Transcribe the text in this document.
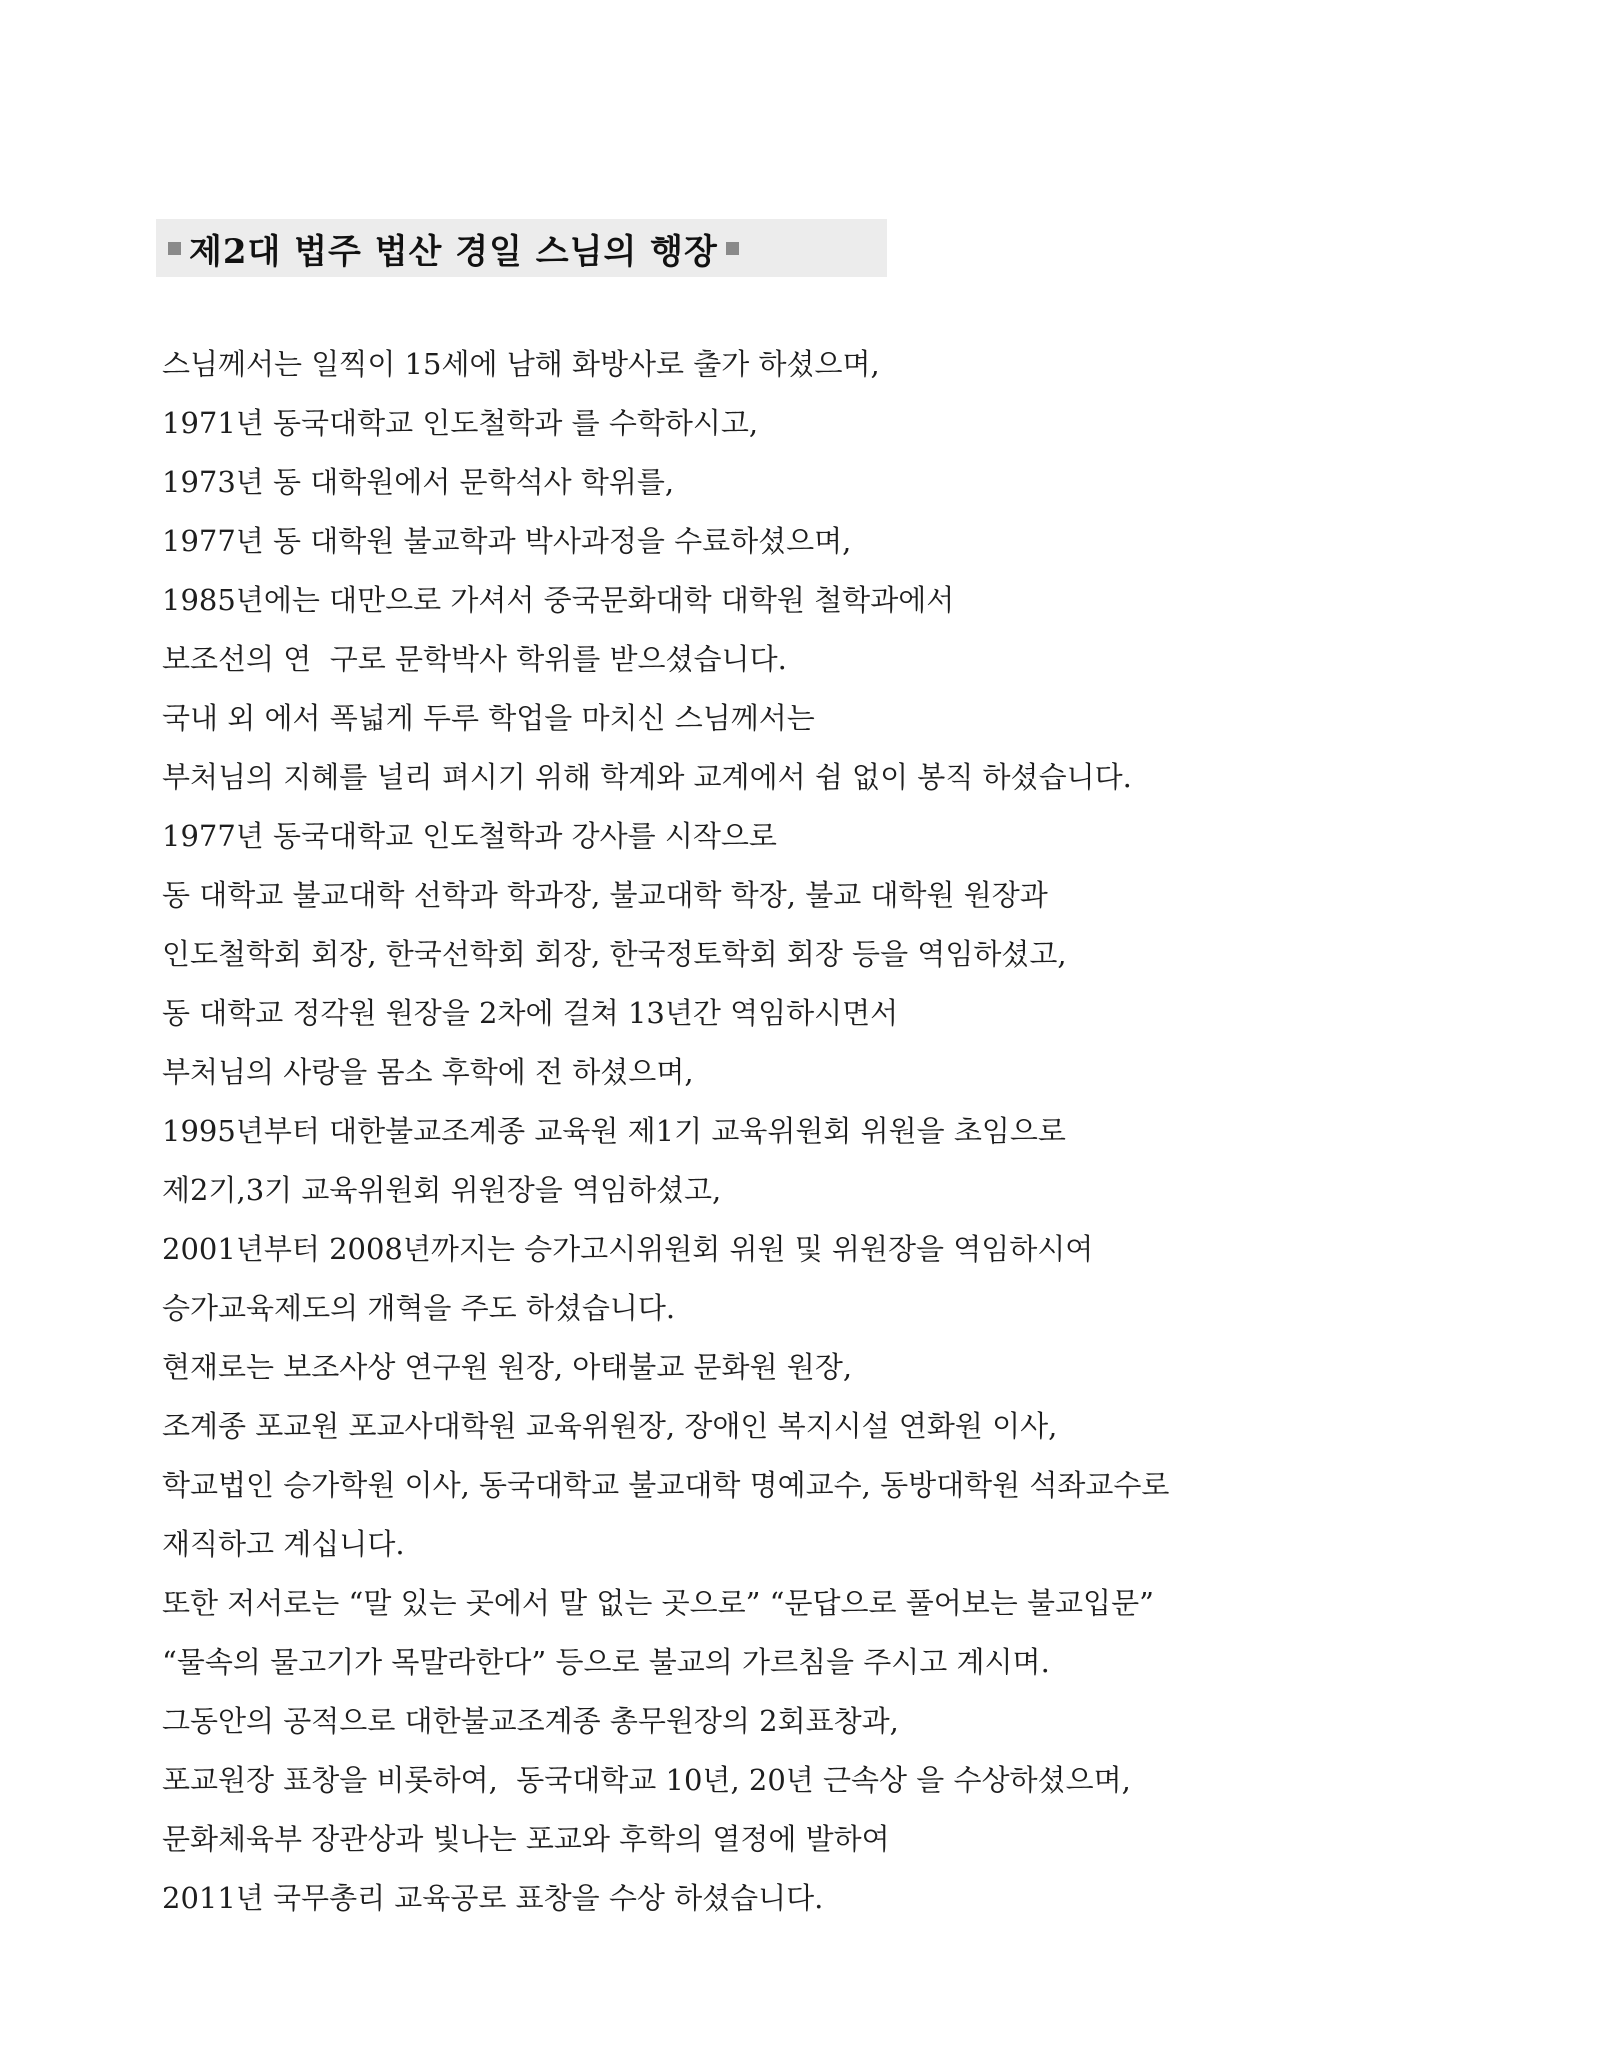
제2대 법주 법산 경일 스님의 행장
스님께서는 일찍이 15세에 남해 화방사로 출가 하셨으며,
1971년 동국대학교 인도철학과 를 수학하시고,
1973년 동 대학원에서 문학석사 학위를,
1977년 동 대학원 불교학과 박사과정을 수료하셨으며,
1985년에는 대만으로 가셔서 중국문화대학 대학원 철학과에서
보조선의 연  구로 문학박사 학위를 받으셨습니다.
국내 외 에서 폭넓게 두루 학업을 마치신 스님께서는
부처님의 지혜를 널리 펴시기 위해 학계와 교계에서 쉼 없이 봉직 하셨습니다.
1977년 동국대학교 인도철학과 강사를 시작으로
동 대학교 불교대학 선학과 학과장, 불교대학 학장, 불교 대학원 원장과
인도철학회 회장, 한국선학회 회장, 한국정토학회 회장 등을 역임하셨고,
동 대학교 정각원 원장을 2차에 걸쳐 13년간 역임하시면서
부처님의 사랑을 몸소 후학에 전 하셨으며,
1995년부터 대한불교조계종 교육원 제1기 교육위원회 위원을 초임으로
제2기,3기 교육위원회 위원장을 역임하셨고,
2001년부터 2008년까지는 승가고시위원회 위원 및 위원장을 역임하시여
승가교육제도의 개혁을 주도 하셨습니다.
현재로는 보조사상 연구원 원장, 아태불교 문화원 원장,
조계종 포교원 포교사대학원 교육위원장, 장애인 복지시설 연화원 이사,
학교법인 승가학원 이사, 동국대학교 불교대학 명예교수, 동방대학원 석좌교수로
재직하고 계십니다.
또한 저서로는 “말 있는 곳에서 말 없는 곳으로” “문답으로 풀어보는 불교입문”
“물속의 물고기가 목말라한다” 등으로 불교의 가르침을 주시고 계시며.
그동안의 공적으로 대한불교조계종 총무원장의 2회표창과,
포교원장 표창을 비롯하여,  동국대학교 10년, 20년 근속상 을 수상하셨으며,
문화체육부 장관상과 빛나는 포교와 후학의 열정에 발하여
2011년 국무총리 교육공로 표창을 수상 하셨습니다.
